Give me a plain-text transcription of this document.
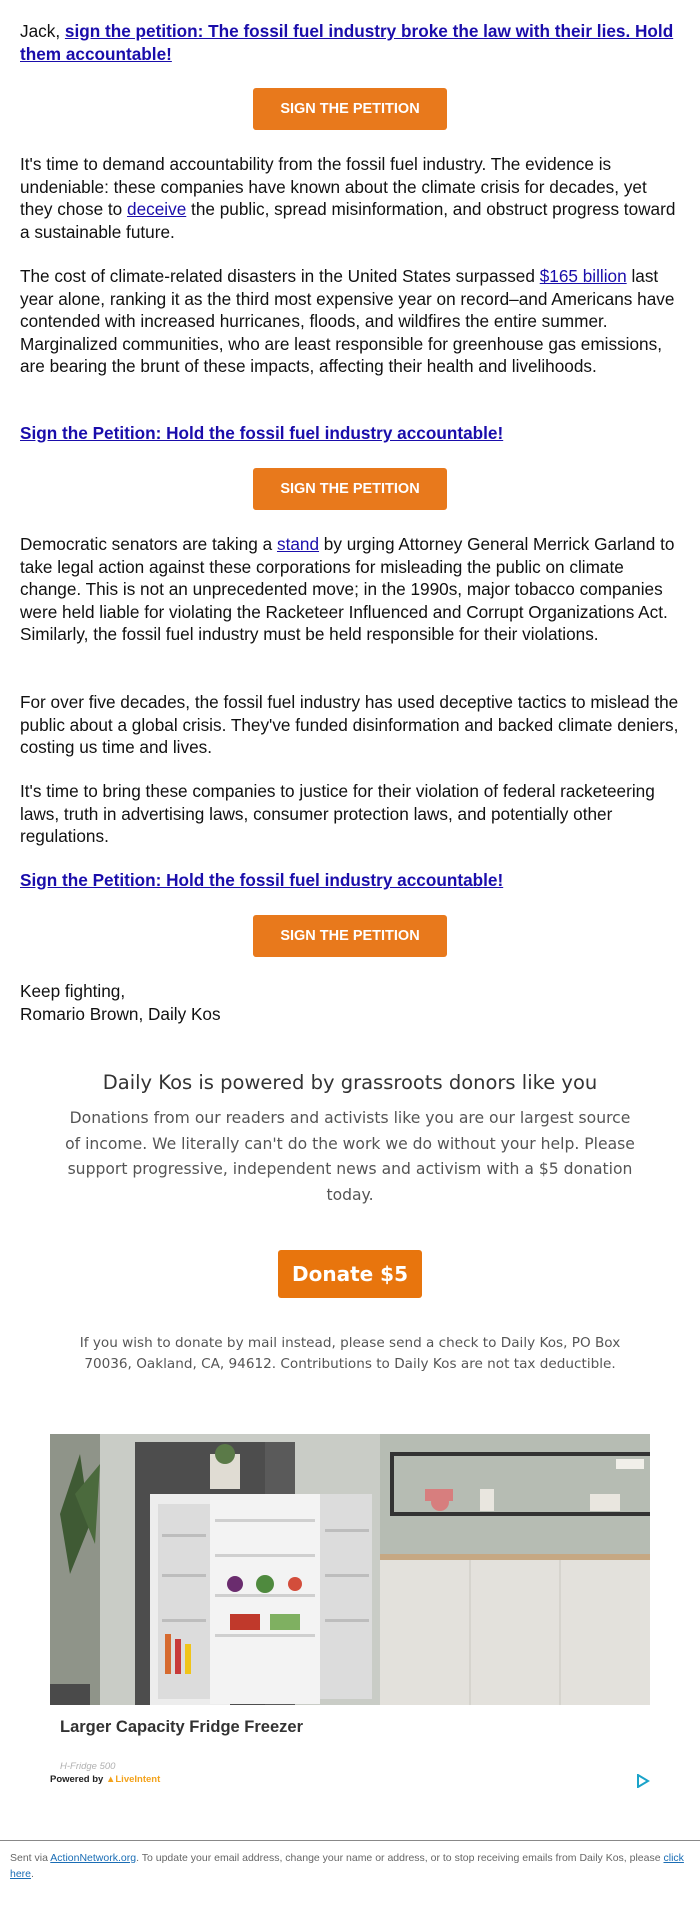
Jack, sign the petition: The fossil fuel industry broke the law with their lies. Hold them accountable!

SIGN THE PETITION

It's time to demand accountability from the fossil fuel industry. The evidence is undeniable: these companies have known about the climate crisis for decades, yet they chose to deceive the public, spread misinformation, and obstruct progress toward a sustainable future.

The cost of climate-related disasters in the United States surpassed $165 billion last year alone, ranking it as the third most expensive year on record–and Americans have contended with increased hurricanes, floods, and wildfires the entire summer. Marginalized communities, who are least responsible for greenhouse gas emissions, are bearing the brunt of these impacts, affecting their health and livelihoods.

Sign the Petition: Hold the fossil fuel industry accountable!

SIGN THE PETITION

Democratic senators are taking a stand by urging Attorney General Merrick Garland to take legal action against these corporations for misleading the public on climate change. This is not an unprecedented move; in the 1990s, major tobacco companies were held liable for violating the Racketeer Influenced and Corrupt Organizations Act. Similarly, the fossil fuel industry must be held responsible for their violations.

For over five decades, the fossil fuel industry has used deceptive tactics to mislead the public about a global crisis. They've funded disinformation and backed climate deniers, costing us time and lives.

It's time to bring these companies to justice for their violation of federal racketeering laws, truth in advertising laws, consumer protection laws, and potentially other regulations.

Sign the Petition: Hold the fossil fuel industry accountable!

SIGN THE PETITION

Keep fighting,
Romario Brown, Daily Kos

Daily Kos is powered by grassroots donors like you
Donations from our readers and activists like you are our largest source of income. We literally can't do the work we do without your help. Please support progressive, independent news and activism with a $5 donation today.
Donate $5
If you wish to donate by mail instead, please send a check to Daily Kos, PO Box 70036, Oakland, CA, 94612. Contributions to Daily Kos are not tax deductible.
Larger Capacity Fridge Freezer
H-Fridge 500
Powered by ▲LiveIntent
Sent via ActionNetwork.org. To update your email address, change your name or address, or to stop receiving emails from Daily Kos, please click here.
